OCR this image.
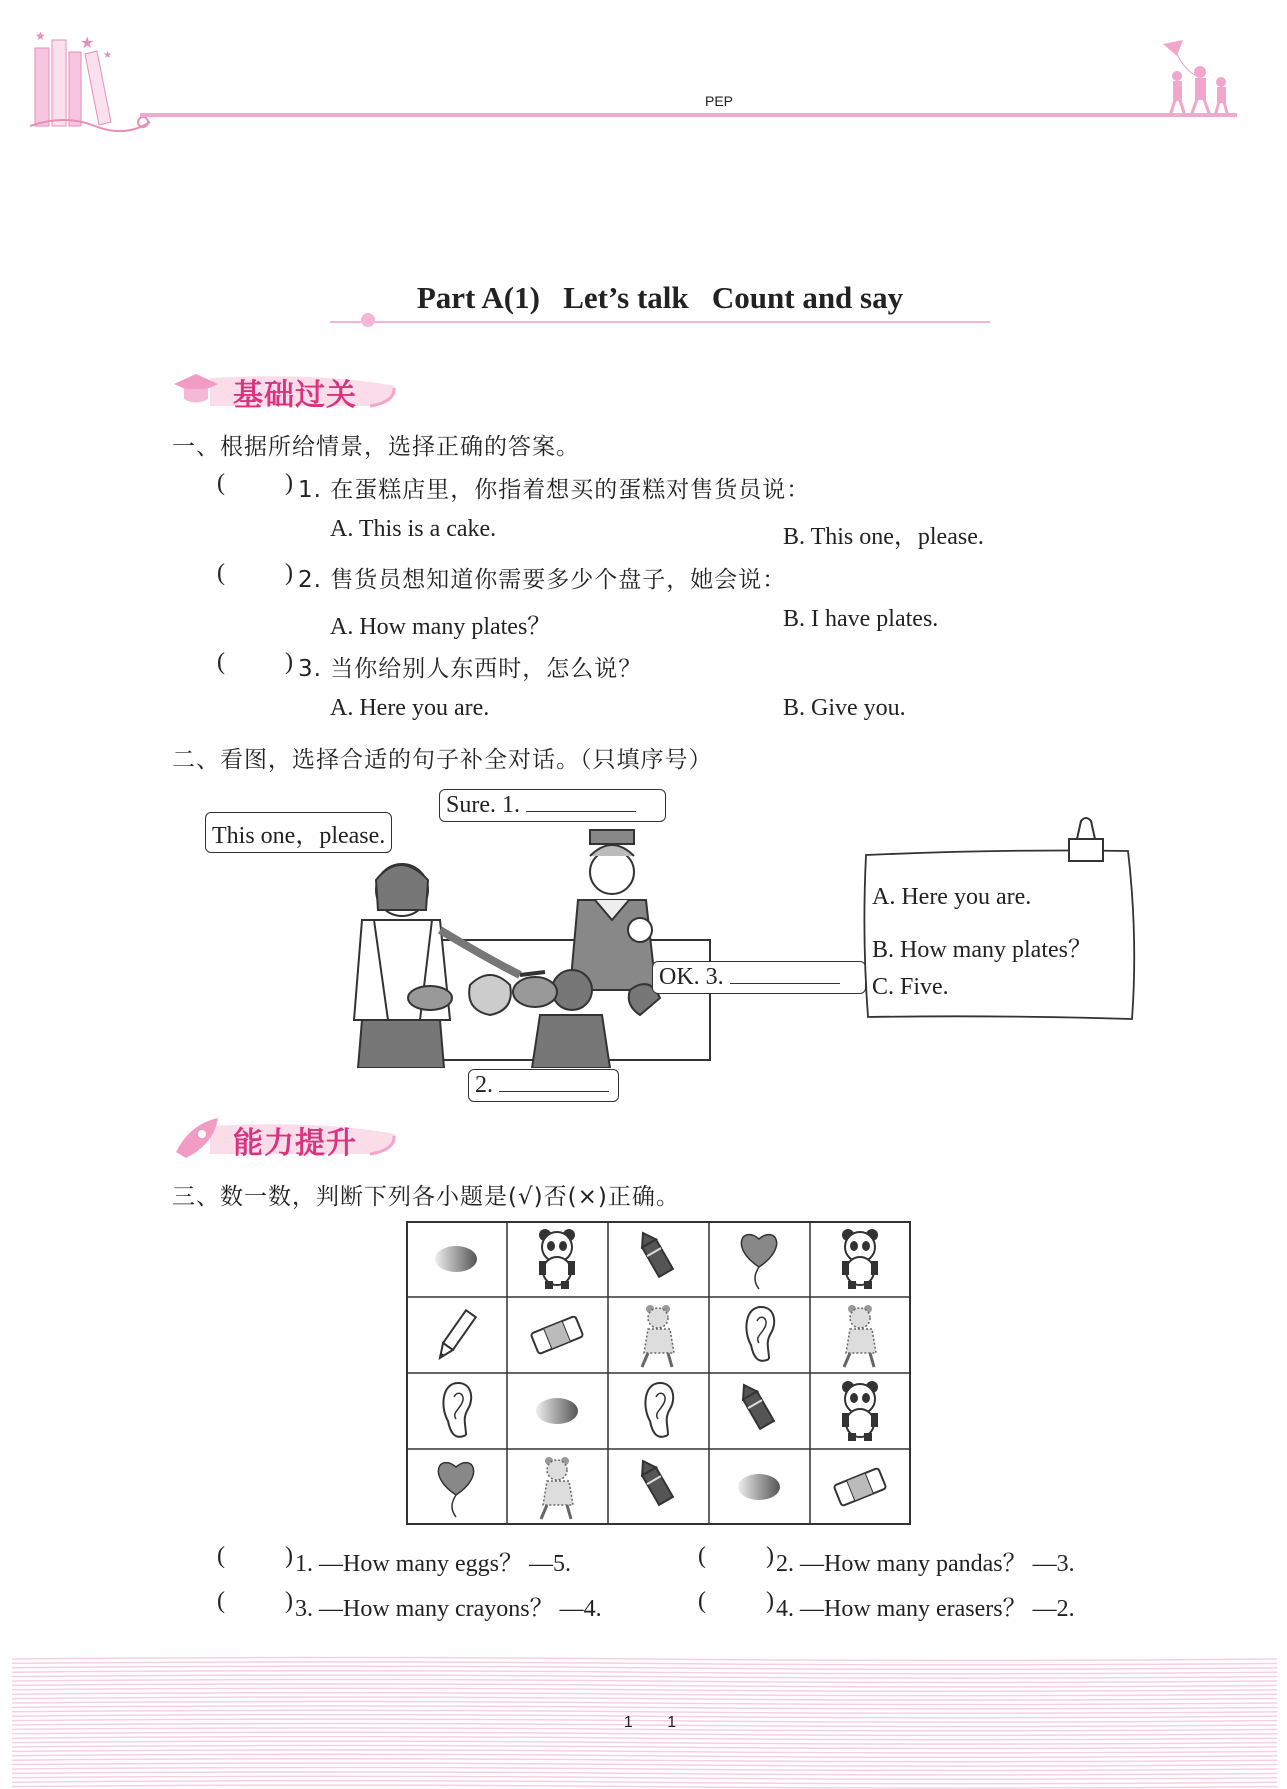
★
★
★
PEP
Part A(1)   Let’s talk   Count and say
基础过关
一、根据所给情景，选择正确的答案。
(	) 1. 在蛋糕店里，你指着想买的蛋糕对售货员说：
A. This is a cake.	B. This one，please.
(	) 2. 售货员想知道你需要多少个盘子，她会说：
A. How many plates？	B. I have plates.
(	) 3. 当你给别人东西时，怎么说？
A. Here you are.	B. Give you.
二、看图，选择合适的句子补全对话。（只填序号）
This one，please.
Sure. 1.
OK. 3.
2.
A. Here you are.
B. How many plates？
C. Five.
能力提升
三、数一数，判断下列各小题是(√)否(×)正确。
(	) 1. —How many eggs？ —5.	(	) 2. —How many pandas？ —3.
(	) 3. —How many crayons？ —4.	(	) 4. —How many erasers？ —2.
1 1
